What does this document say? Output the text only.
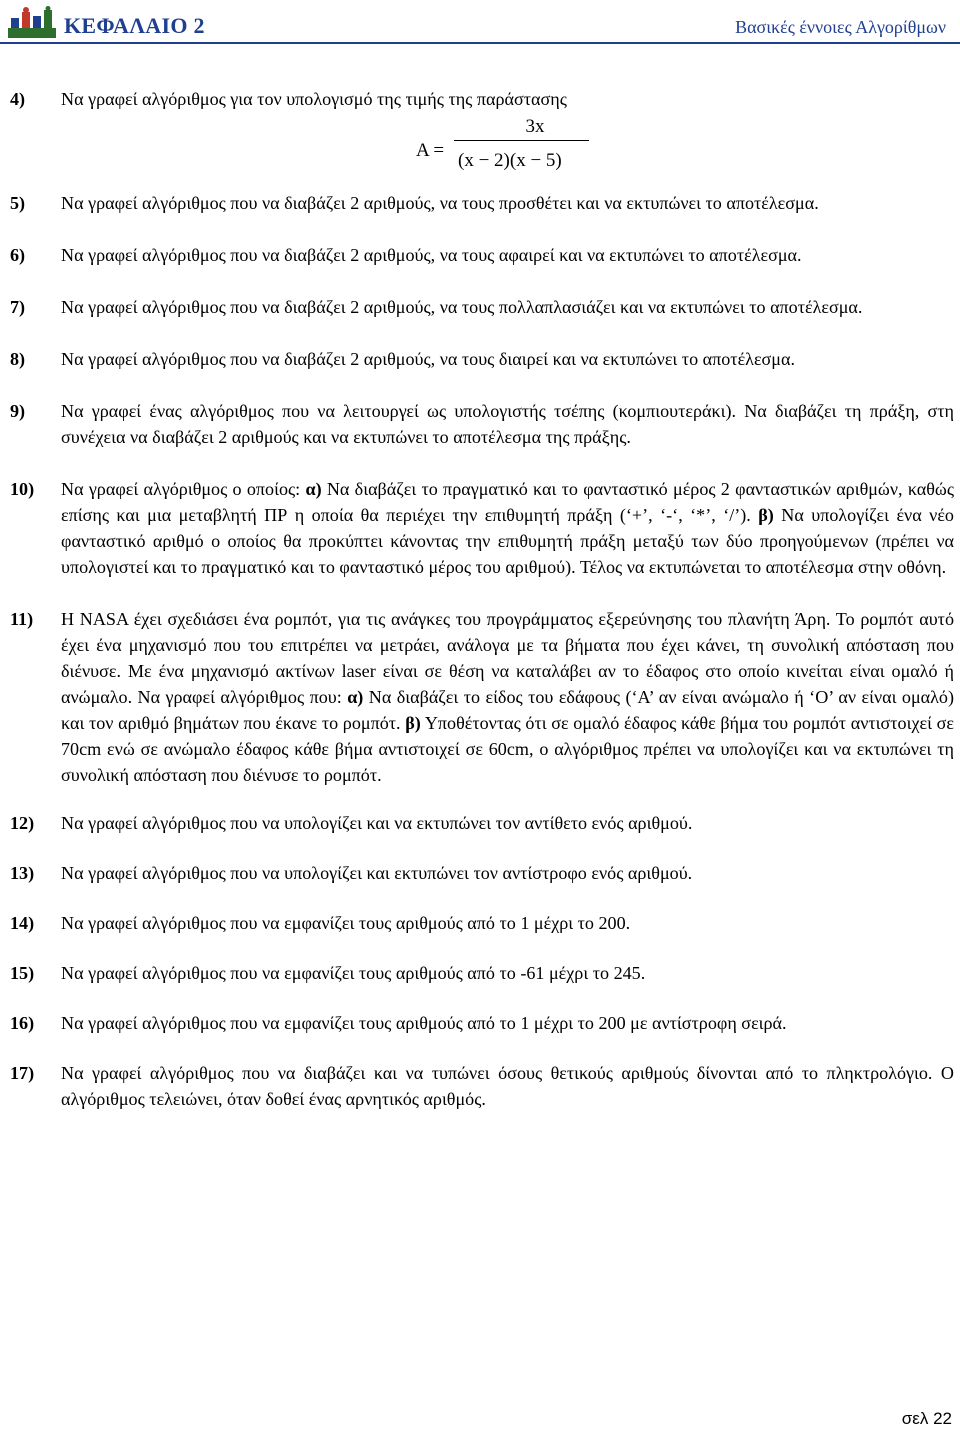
ΚΕΦΑΛΑΙΟ 2	Βασικές έννοιες Αλγορίθμων
4) Να γραφεί αλγόριθμος για τον υπολογισμό της τιμής της παράστασης
A =
3x
(x − 2)(x − 5)
5) Να γραφεί αλγόριθμος που να διαβάζει 2 αριθμούς, να τους προσθέτει και να εκτυπώνει το αποτέλεσμα.
6) Να γραφεί αλγόριθμος που να διαβάζει 2 αριθμούς, να τους αφαιρεί και να εκτυπώνει το αποτέλεσμα.
7) Να γραφεί αλγόριθμος που να διαβάζει 2 αριθμούς, να τους πολλαπλασιάζει και να εκτυπώνει το αποτέλεσμα.
8) Να γραφεί αλγόριθμος που να διαβάζει 2 αριθμούς, να τους διαιρεί και να εκτυπώνει το αποτέλεσμα.
9) Να γραφεί ένας αλγόριθμος που να λειτουργεί ως υπολογιστής τσέπης (κομπιουτεράκι). Να διαβάζει τη πράξη, στη συνέχεια να διαβάζει 2 αριθμούς και να εκτυπώνει το αποτέλεσμα της πράξης.
10) Να γραφεί αλγόριθμος ο οποίος: α) Να διαβάζει το πραγματικό και το φανταστικό μέρος 2 φανταστικών αριθμών, καθώς επίσης και μια μεταβλητή ΠΡ η οποία θα περιέχει την επιθυμητή πράξη (‘+’, ‘-‘, ‘*’, ‘/’). β) Να υπολογίζει ένα νέο φανταστικό αριθμό ο οποίος θα προκύπτει κάνοντας την επιθυμητή πράξη μεταξύ των δύο προηγούμενων (πρέπει να υπολογιστεί και το πραγματικό και το φανταστικό μέρος του αριθμού). Τέλος να εκτυπώνεται το αποτέλεσμα στην οθόνη.
11) Η NASA έχει σχεδιάσει ένα ρομπότ, για τις ανάγκες του προγράμματος εξερεύνησης του πλανήτη Άρη. Το ρομπότ αυτό έχει ένα μηχανισμό που του επιτρέπει να μετράει, ανάλογα με τα βήματα που έχει κάνει, τη συνολική απόσταση που διένυσε. Με ένα μηχανισμό ακτίνων laser είναι σε θέση να καταλάβει αν το έδαφος στο οποίο κινείται είναι ομαλό ή ανώμαλο. Να γραφεί αλγόριθμος που: α) Να διαβάζει το είδος του εδάφους (‘Α’ αν είναι ανώμαλο ή ‘Ο’ αν είναι ομαλό) και τον αριθμό βημάτων που έκανε το ρομπότ. β) Υποθέτοντας ότι σε ομαλό έδαφος κάθε βήμα του ρομπότ αντιστοιχεί σε 70cm ενώ σε ανώμαλο έδαφος κάθε βήμα αντιστοιχεί σε 60cm, ο αλγόριθμος πρέπει να υπολογίζει και να εκτυπώνει τη συνολική απόσταση που διένυσε το ρομπότ.
12) Να γραφεί αλγόριθμος που να υπολογίζει και να εκτυπώνει τον αντίθετο ενός αριθμού.
13) Να γραφεί αλγόριθμος που να υπολογίζει και εκτυπώνει τον αντίστροφο ενός αριθμού.
14) Να γραφεί αλγόριθμος που να εμφανίζει τους αριθμούς από το 1 μέχρι το 200.
15) Να γραφεί αλγόριθμος που να εμφανίζει τους αριθμούς από το -61 μέχρι το 245.
16) Να γραφεί αλγόριθμος που να εμφανίζει τους αριθμούς από το 1 μέχρι το 200 με αντίστροφη σειρά.
17) Να γραφεί αλγόριθμος που να διαβάζει και να τυπώνει όσους θετικούς αριθμούς δίνονται από το πληκτρολόγιο. Ο αλγόριθμος τελειώνει, όταν δοθεί ένας αρνητικός αριθμός.
σελ 22
